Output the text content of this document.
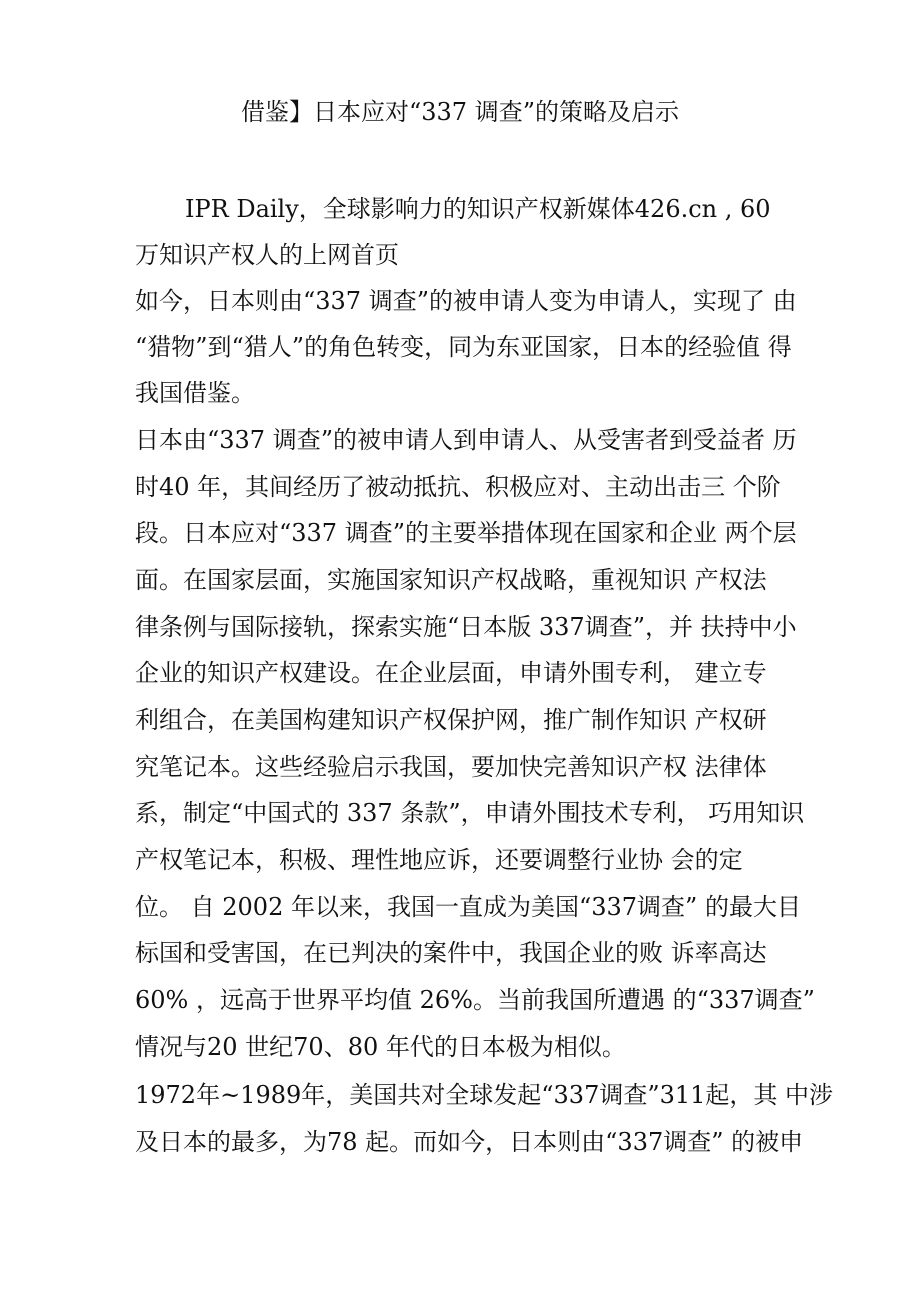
借鉴】日本应对“337 调查”的策略及启示
IPR Daily，全球影响力的知识产权新媒体426.cn , 60
万知识产权人的上网首页
如今，日本则由“337 调查”的被申请人变为申请人，实现了 由
“猎物”到“猎人”的角色转变，同为东亚国家，日本的经验值 得
我国借鉴。
日本由“337 调查”的被申请人到申请人、从受害者到受益者 历
时40 年，其间经历了被动抵抗、积极应对、主动出击三 个阶
段。日本应对“337 调查”的主要举措体现在国家和企业 两个层
面。在国家层面，实施国家知识产权战略，重视知识 产权法
律条例与国际接轨，探索实施“日本版 337调查”，并 扶持中小
企业的知识产权建设。在企业层面，申请外围专利， 建立专
利组合，在美国构建知识产权保护网，推广制作知识 产权研
究笔记本。这些经验启示我国，要加快完善知识产权 法律体
系，制定“中国式的 337 条款”，申请外围技术专利， 巧用知识
产权笔记本，积极、理性地应诉，还要调整行业协 会的定
位。 自 2002 年以来，我国一直成为美国“337调查” 的最大目
标国和受害国，在已判决的案件中，我国企业的败 诉率高达
60% ，远高于世界平均值 26%。当前我国所遭遇 的“337调查”
情况与20 世纪70、80 年代的日本极为相似。
1972年~1989年，美国共对全球发起“337调查”311起，其 中涉
及日本的最多，为78 起。而如今，日本则由“337调查” 的被申
